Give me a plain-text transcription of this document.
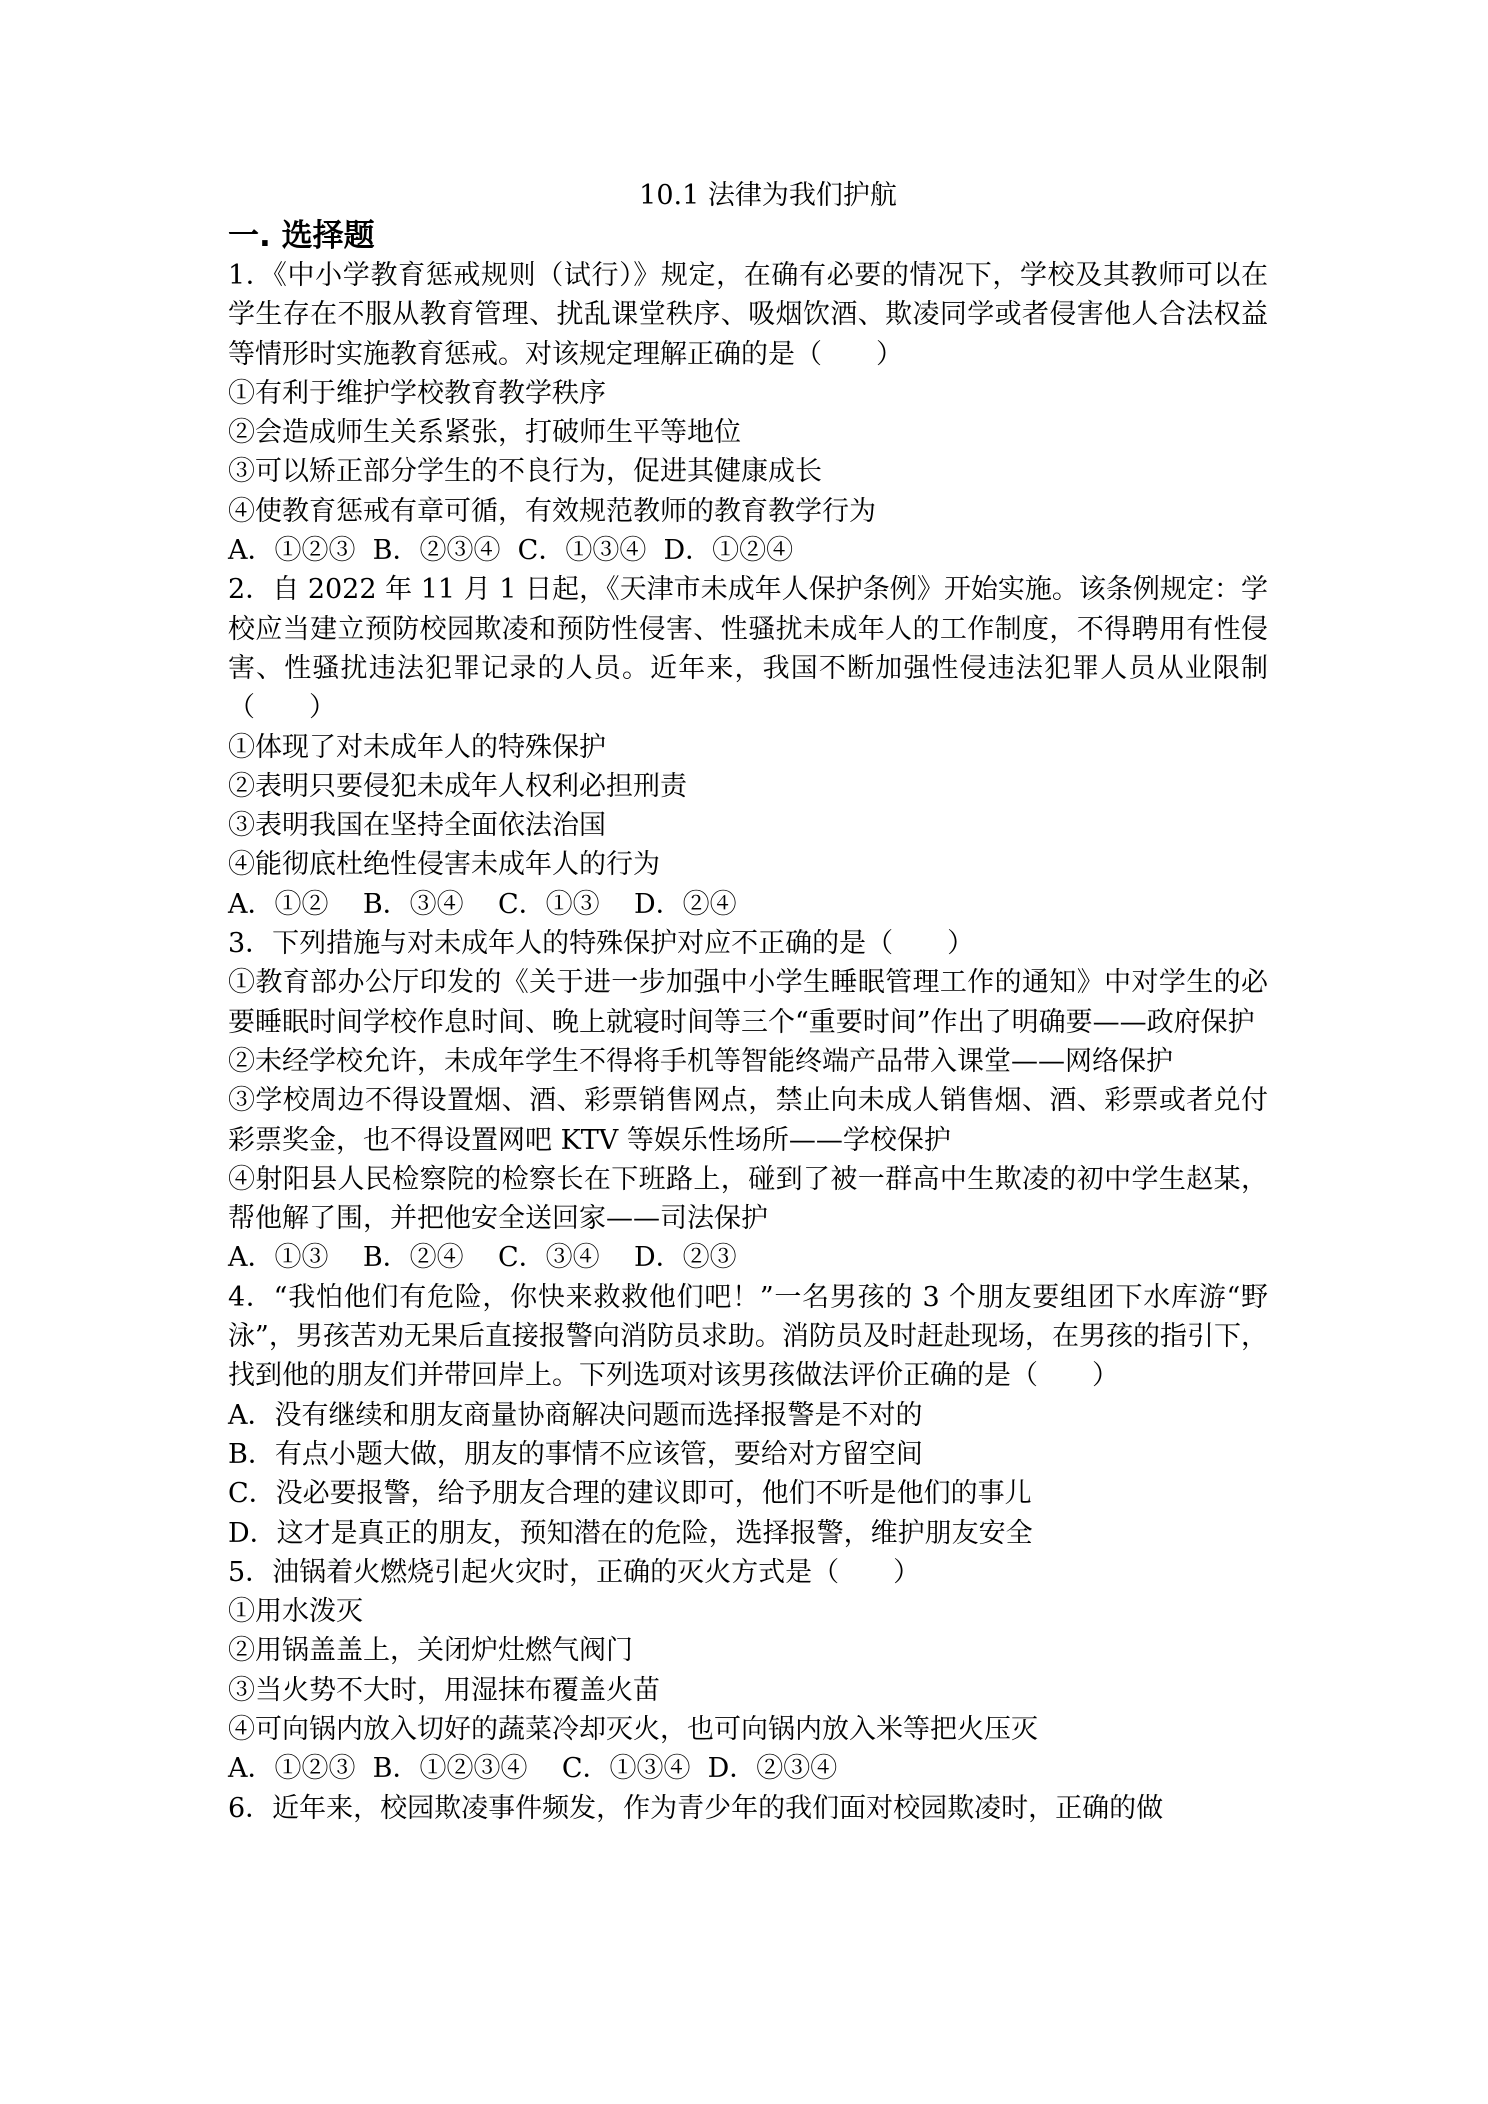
10.1 法律为我们护航

一. 选择题

1．《中小学教育惩戒规则（试行）》规定，在确有必要的情况下，学校及其教师可以在学生存在不服从教育管理、扰乱课堂秩序、吸烟饮酒、欺凌同学或者侵害他人合法权益等情形时实施教育惩戒。对该规定理解正确的是（　　）

①有利于维护学校教育教学秩序

②会造成师生关系紧张，打破师生平等地位

③可以矫正部分学生的不良行为，促进其健康成长

④使教育惩戒有章可循，有效规范教师的教育教学行为

A．①②③  B．②③④  C．①③④  D．①②④

2．自 2022 年 11 月 1 日起，《天津市未成年人保护条例》开始实施。该条例规定：学校应当建立预防校园欺凌和预防性侵害、性骚扰未成年人的工作制度，不得聘用有性侵害、性骚扰违法犯罪记录的人员。近年来，我国不断加强性侵违法犯罪人员从业限制（　　）

①体现了对未成年人的特殊保护

②表明只要侵犯未成年人权利必担刑责

③表明我国在坚持全面依法治国

④能彻底杜绝性侵害未成年人的行为

A．①②    B．③④    C．①③    D．②④

3．下列措施与对未成年人的特殊保护对应不正确的是（　　）

①教育部办公厅印发的《关于进一步加强中小学生睡眠管理工作的通知》中对学生的必要睡眠时间学校作息时间、晚上就寝时间等三个“重要时间”作出了明确要——政府保护

②未经学校允许，未成年学生不得将手机等智能终端产品带入课堂——网络保护

③学校周边不得设置烟、酒、彩票销售网点，禁止向未成人销售烟、酒、彩票或者兑付彩票奖金，也不得设置网吧 KTV 等娱乐性场所——学校保护

④射阳县人民检察院的检察长在下班路上，碰到了被一群高中生欺凌的初中学生赵某，帮他解了围，并把他安全送回家——司法保护

A．①③    B．②④    C．③④    D．②③

4．“我怕他们有危险，你快来救救他们吧！”一名男孩的 3 个朋友要组团下水库游“野泳”，男孩苦劝无果后直接报警向消防员求助。消防员及时赶赴现场，在男孩的指引下，找到他的朋友们并带回岸上。下列选项对该男孩做法评价正确的是（　　）

A．没有继续和朋友商量协商解决问题而选择报警是不对的

B．有点小题大做，朋友的事情不应该管，要给对方留空间

C．没必要报警，给予朋友合理的建议即可，他们不听是他们的事儿

D．这才是真正的朋友，预知潜在的危险，选择报警，维护朋友安全

5．油锅着火燃烧引起火灾时，正确的灭火方式是（　　）

①用水泼灭

②用锅盖盖上，关闭炉灶燃气阀门

③当火势不大时，用湿抹布覆盖火苗

④可向锅内放入切好的蔬菜冷却灭火，也可向锅内放入米等把火压灭

A．①②③  B．①②③④    C．①③④  D．②③④

6．近年来，校园欺凌事件频发，作为青少年的我们面对校园欺凌时，正确的做
